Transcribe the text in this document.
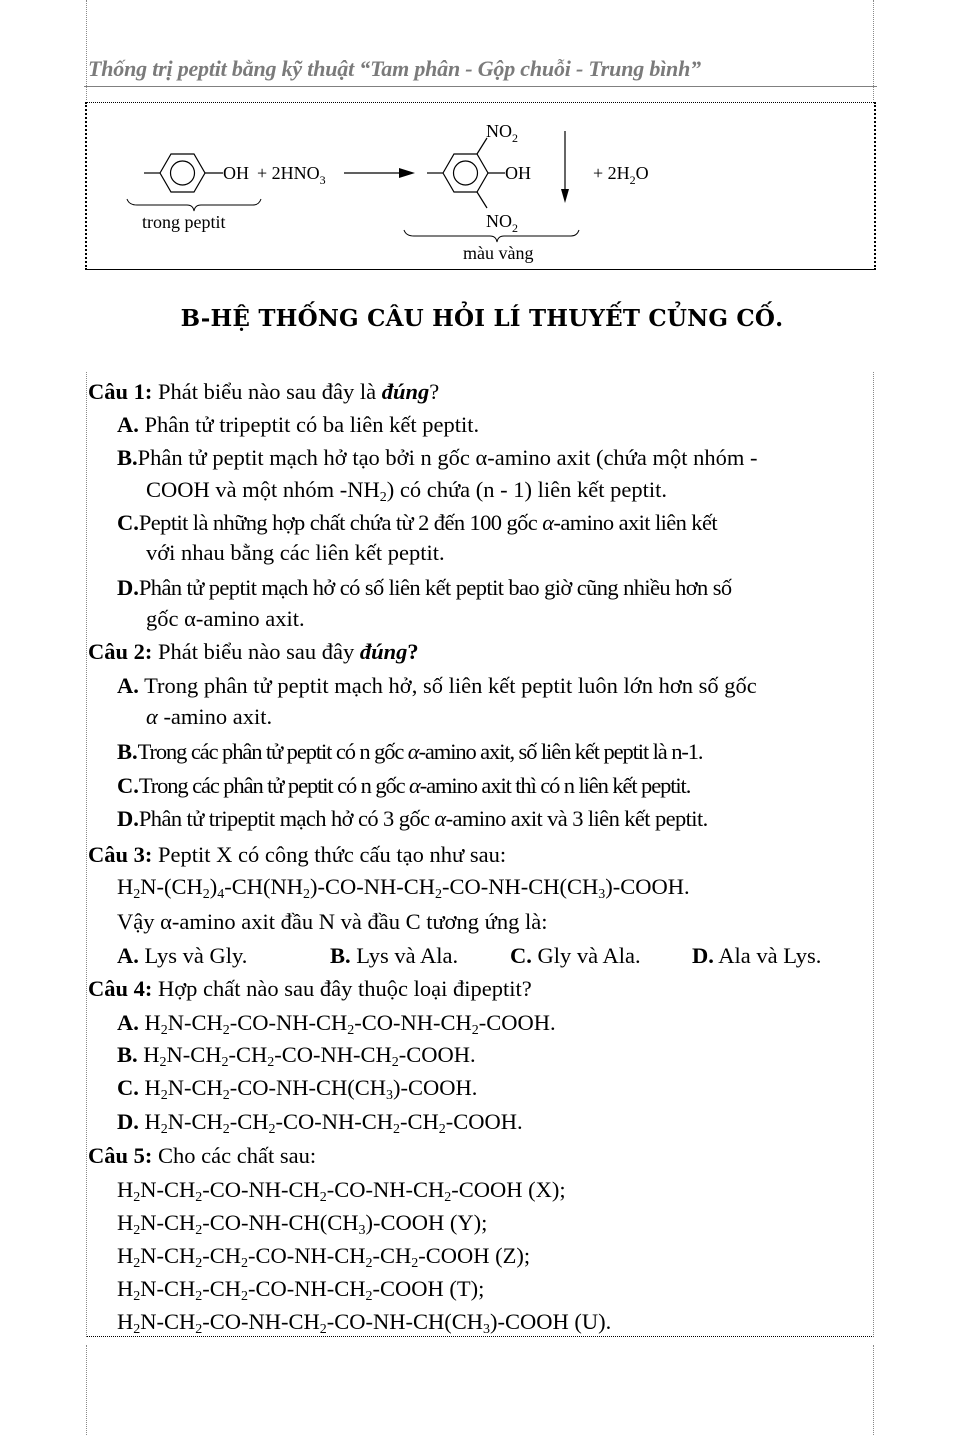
Thống trị peptit bằng kỹ thuật “Tam phân - Gộp chuỗi - Trung bình”
OH + $2HNO_3$
trong peptit
$NO_2$
OH
$NO_2$
+ $2H_2O$
màu vàng
B-HỆ THỐNG CÂU HỎI LÍ THUYẾT CỦNG CỐ.
Câu 1: Phát biểu nào sau đây là đúng?
A. Phân tử tripeptit có ba liên kết peptit.
B.Phân tử peptit mạch hở tạo bởi n gốc α-amino axit (chứa một nhóm -
COOH và một nhóm $-NH_2$) có chứa (n - 1) liên kết peptit.
C.Peptit là những hợp chất chứa từ 2 đến 100 gốc α-amino axit liên kết
với nhau bằng các liên kết peptit.
D.Phân tử peptit mạch hở có số liên kết peptit bao giờ cũng nhiều hơn số
gốc α-amino axit.
Câu 2: Phát biểu nào sau đây đúng?
A. Trong phân tử peptit mạch hở, số liên kết peptit luôn lớn hơn số gốc
α -amino axit.
B.Trong các phân tử peptit có n gốc α-amino axit, số liên kết peptit là n-1.
C.Trong các phân tử peptit có n gốc α-amino axit thì có n liên kết peptit.
D.Phân tử tripeptit mạch hở có 3 gốc α-amino axit và 3 liên kết peptit.
Câu 3: Peptit X có công thức cấu tạo như sau:
$H_2N-(CH_2)_4-CH(NH_2)-CO-NH-CH_2-CO-NH-CH(CH_3)$-COOH.
Vậy α-amino axit đầu N và đầu C tương ứng là:
A. Lys và Gly.	B. Lys và Ala. C. Gly và Ala. D. Ala và Lys.
Câu 4: Hợp chất nào sau đây thuộc loại đipeptit?
A. $H_2N-CH_2-CO-NH-CH_2-CO-NH-CH_2$-COOH.
B. $H_2N-CH_2-CH_2-CO-NH-CH_2$-COOH.
C. $H_2N-CH_2-CO-NH-CH(CH_3)$-COOH.
D. $H_2N-CH_2-CH_2-CO-NH-CH_2-CH_2$-COOH.
Câu 5: Cho các chất sau:
$H_2N-CH_2-CO-NH-CH_2-CO-NH-CH_2$-COOH (X);
$H_2N-CH_2-CO-NH-CH(CH_3)$-COOH (Y);
$H_2N-CH_2-CH_2-CO-NH-CH_2-CH_2$-COOH (Z);
$H_2N-CH_2-CH_2-CO-NH-CH_2$-COOH (T);
$H_2N-CH_2-CO-NH-CH_2-CO-NH-CH(CH_3)$-COOH (U).
